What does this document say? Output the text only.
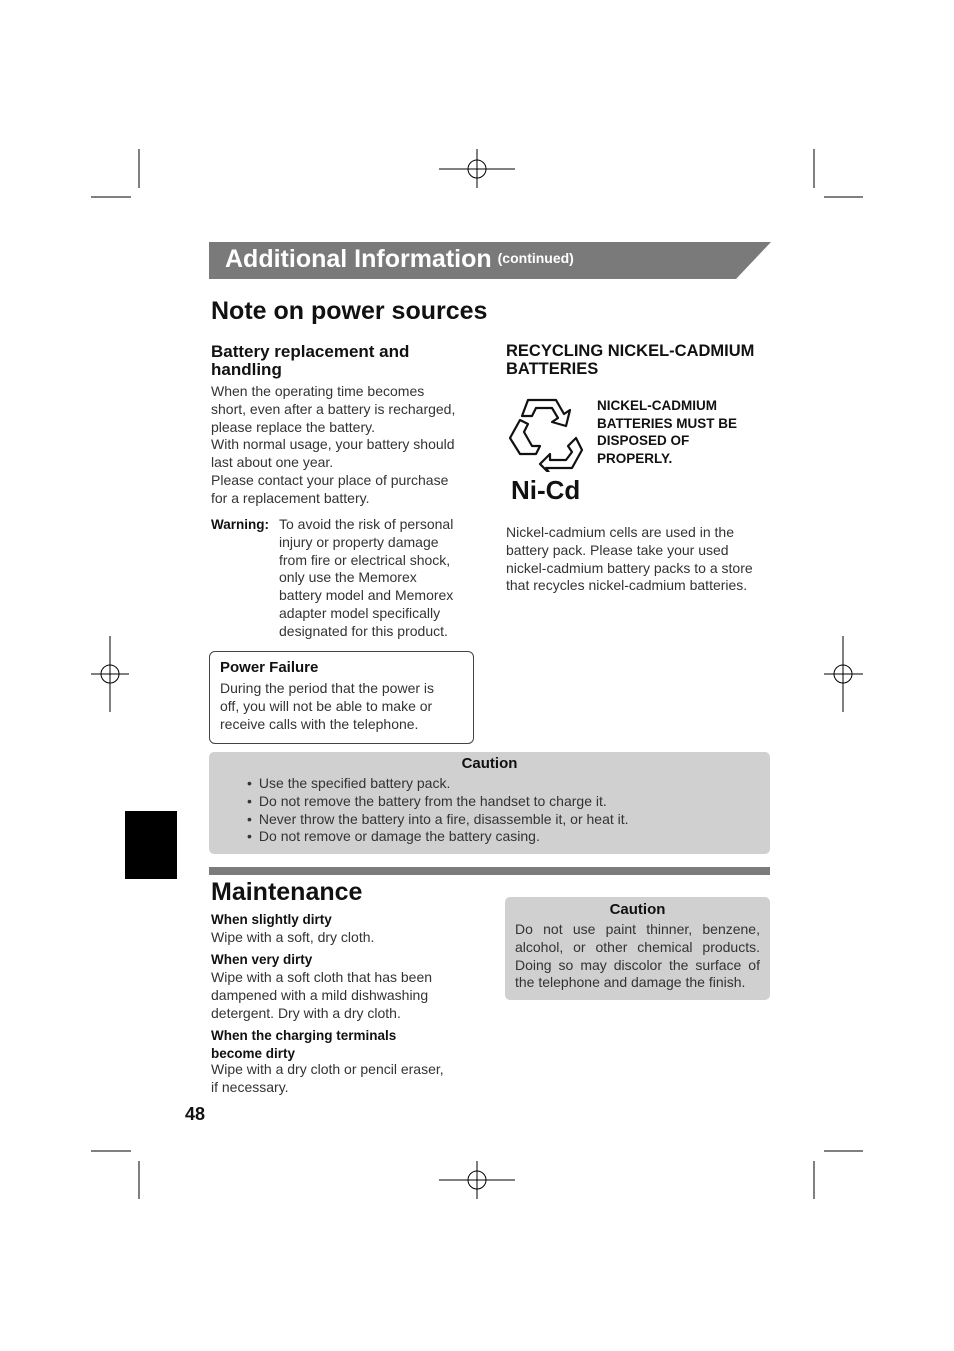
Additional Information (continued)
Note on power sources
Battery replacement and
handling
When the operating time becomes
short, even after a battery is recharged,
please replace the battery.
With normal usage, your battery should
last about one year.
Please contact your place of purchase
for a replacement battery.
Warning: To avoid the risk of personal
injury or property damage
from fire or electrical shock,
only use the Memorex
battery model and Memorex
adapter model specifically
designated for this product.
RECYCLING NICKEL-CADMIUM
BATTERIES
NICKEL-CADMIUM
BATTERIES MUST BE
DISPOSED OF
PROPERLY.
Ni-Cd
Nickel-cadmium cells are used in the
battery pack. Please take your used
nickel-cadmium battery packs to a store
that recycles nickel-cadmium batteries.
Power Failure
During the period that the power is
off, you will not be able to make or
receive calls with the telephone.
Caution
• Use the specified battery pack.
• Do not remove the battery from the handset to charge it.
• Never throw the battery into a fire, disassemble it, or heat it.
• Do not remove or damage the battery casing.
Maintenance
When slightly dirty
Wipe with a soft, dry cloth.
When very dirty
Wipe with a soft cloth that has been
dampened with a mild dishwashing
detergent. Dry with a dry cloth.
When the charging terminals
become dirty
Wipe with a dry cloth or pencil eraser,
if necessary.
Caution
Do not use paint thinner, benzene, alcohol, or other chemical products. Doing so may discolor the surface of the telephone and damage the finish.
48
